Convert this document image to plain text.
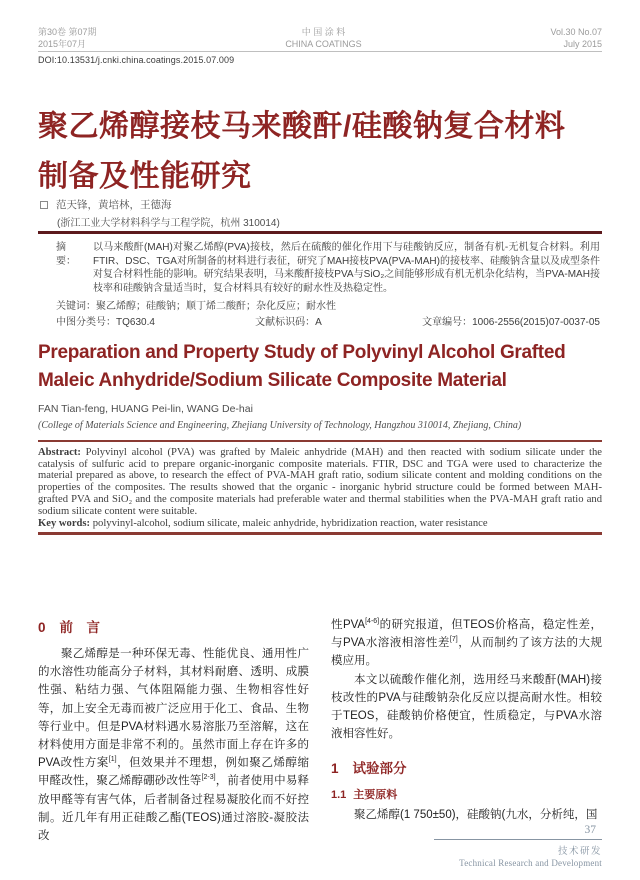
第30卷 第07期
2015年07月
中 国 涂 料
CHINA COATINGS
Vol.30 No.07
July 2015
DOI:10.13531/j.cnki.china.coatings.2015.07.009
聚乙烯醇接枝马来酸酐/硅酸钠复合材料
制备及性能研究
范天锋，黄培林，王德海
(浙江工业大学材料科学与工程学院，杭州 310014)
摘　要：
以马来酸酐(MAH)对聚乙烯醇(PVA)接枝，然后在硫酸的催化作用下与硅酸钠反应，制备有机-无机复合材料。利用FTIR、DSC、TGA对所制备的材料进行表征，研究了MAH接枝PVA(PVA-MAH)的接枝率、硅酸钠含量以及成型条件对复合材料性能的影响。研究结果表明，马来酸酐接枝PVA与SiO₂之间能够形成有机无机杂化结构，当PVA-MAH接枝率和硅酸钠含量适当时，复合材料具有较好的耐水性及热稳定性。
关键词：聚乙烯醇；硅酸钠；顺丁烯二酸酐；杂化反应；耐水性
中图分类号：TQ630.4	文献标识码：A	文章编号：1006-2556(2015)07-0037-05
Preparation and Property Study of Polyvinyl Alcohol Grafted
Maleic Anhydride/Sodium Silicate Composite Material
FAN Tian-feng, HUANG Pei-lin, WANG De-hai
(College of Materials Science and Engineering, Zhejiang University of Technology, Hangzhou 310014, Zhejiang, China)
Abstract: Polyvinyl alcohol (PVA) was grafted by Maleic anhydride (MAH) and then reacted with sodium silicate under the catalysis of sulfuric acid to prepare organic-inorganic composite materials. FTIR, DSC and TGA were used to characterize the material prepared as above, to research the effect of PVA-MAH graft ratio, sodium silicate content and molding conditions on the properties of the composites. The results showed that the organic - inorganic hybrid structure could be formed between MAH-grafted PVA and SiO₂ and the composite materials had preferable water and thermal stabilities when the PVA-MAH graft ratio and sodium silicate content were suitable.
Key words: polyvinyl-alcohol, sodium silicate, maleic anhydride, hybridization reaction, water resistance
0 前　言

聚乙烯醇是一种环保无毒、性能优良、通用性广的水溶性功能高分子材料，其材料耐磨、透明、成膜性强、粘结力强、气体阻隔能力强、生物相容性好等，加上安全无毒而被广泛应用于化工、食品、生物等行业中。但是PVA材料遇水易溶胀乃至溶解，这在材料使用方面是非常不利的。虽然市面上存在许多的PVA改性方案[1]，但效果并不理想，例如聚乙烯醇缩甲醛改性，聚乙烯醇硼砂改性等[2-3]，前者使用中易释放甲醛等有害气体，后者制备过程易凝胶化而不好控制。近几年有用正硅酸乙酯(TEOS)通过溶胶-凝胶法改

性PVA[4-6]的研究报道，但TEOS价格高，稳定性差，与PVA水溶液相溶性差[7]，从而制约了该方法的大规模应用。

本文以硫酸作催化剂，选用经马来酸酐(MAH)接枝改性的PVA与硅酸钠杂化反应以提高耐水性。相较于TEOS，硅酸钠价格便宜，性质稳定，与PVA水溶液相容性好。

1 试验部分
1.1 主要原料

聚乙烯醇(1 750±50)，硅酸钠(九水，分析纯，国

37
技术研发
Technical Research and Development
